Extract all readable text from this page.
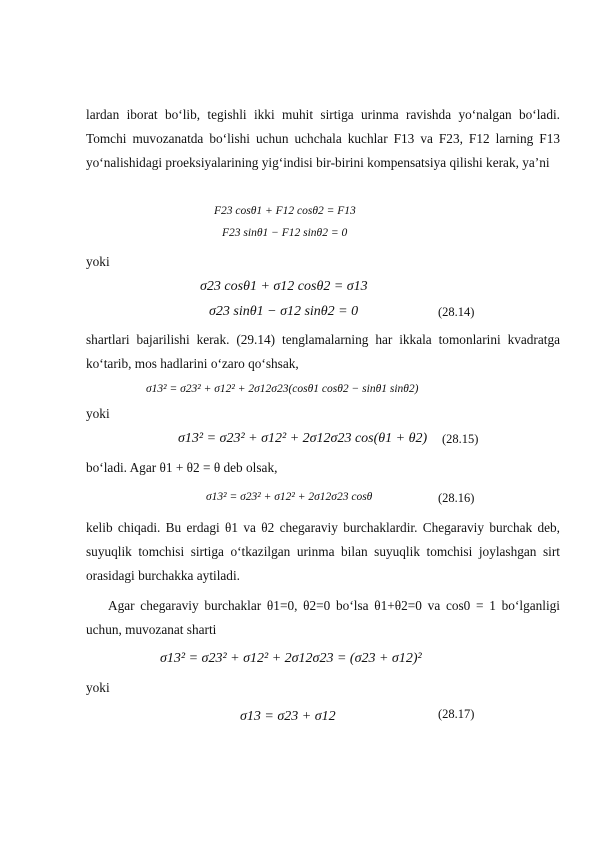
lardan iborat bo‘lib, tegishli ikki muhit sirtiga urinma ravishda yo‘nalgan bo‘ladi. Tomchi muvozanatda bo‘lishi uchun uchchala kuchlar F13 va F23, F12 larning F13 yo‘nalishidagi proeksiyalarining yig‘indisi bir-birini kompensatsiya qilishi kerak, ya’ni
F23 cosθ1 + F12 cosθ2 = F13
F23 sinθ1 − F12 sinθ2 = 0
yoki
σ23 cosθ1 + σ12 cosθ2 = σ13
σ23 sinθ1 − σ12 sinθ2 = 0	(28.14)
shartlari bajarilishi kerak. (29.14) tenglamalarning har ikkala tomonlarini kvadratga ko‘tarib, mos hadlarini o‘zaro qo‘shsak,
σ13² = σ23² + σ12² + 2σ12σ23(cosθ1 cosθ2 − sinθ1 sinθ2)
yoki
σ13² = σ23² + σ12² + 2σ12σ23 cos(θ1 + θ2) (28.15)
bo‘ladi. Agar θ1 + θ2 = θ deb olsak,
σ13² = σ23² + σ12² + 2σ12σ23 cosθ	(28.16)
kelib chiqadi. Bu erdagi θ1 va θ2 chegaraviy burchaklardir. Chegaraviy burchak deb, suyuqlik tomchisi sirtiga o‘tkazilgan urinma bilan suyuqlik tomchisi joylashgan sirt orasidagi burchakka aytiladi.
Agar chegaraviy burchaklar θ1=0, θ2=0 bo‘lsa θ1+θ2=0 va cos0 = 1 bo‘lganligi uchun, muvozanat sharti
σ13² = σ23² + σ12² + 2σ12σ23 = (σ23 + σ12)²
yoki
σ13 = σ23 + σ12	(28.17)
